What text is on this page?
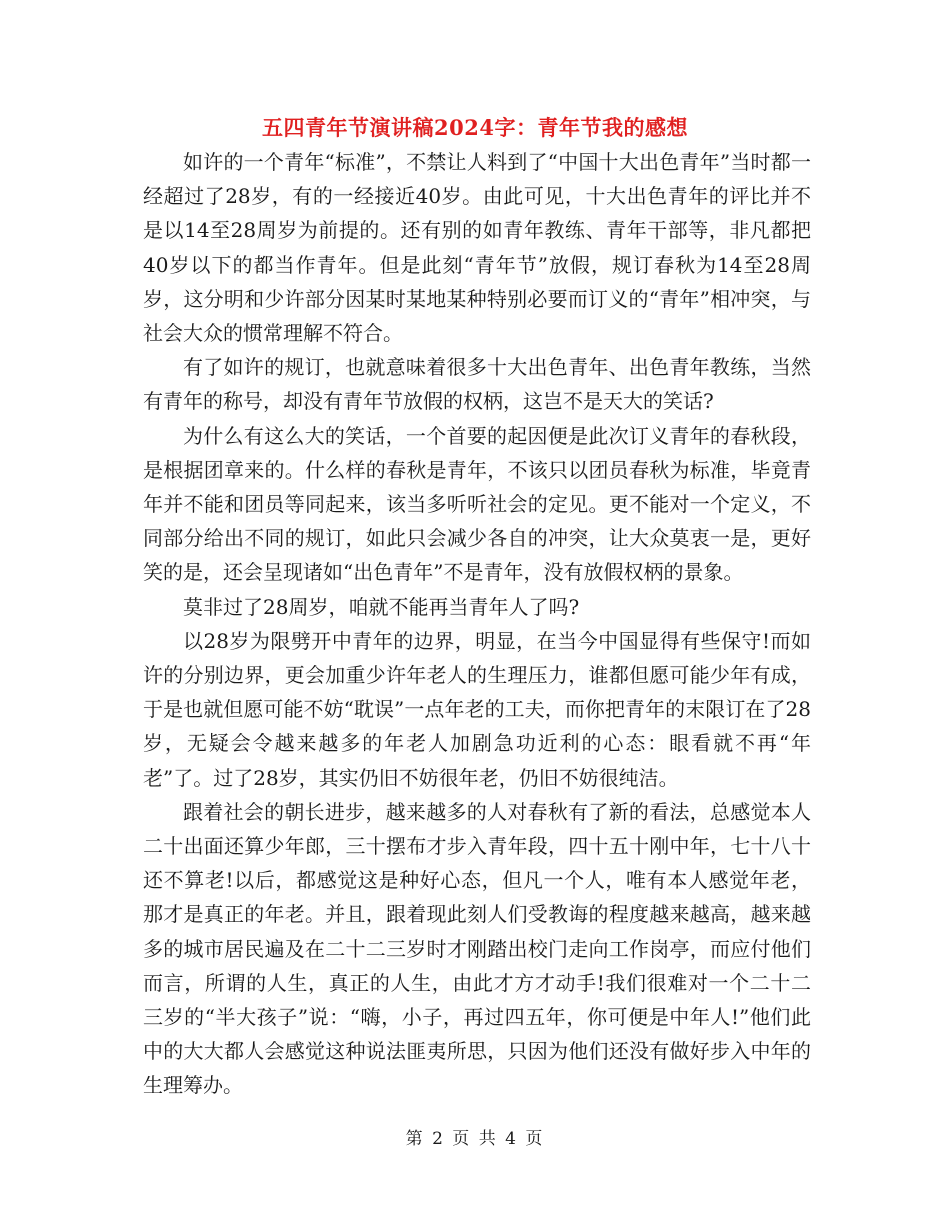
五四青年节演讲稿2024字：青年节我的感想

如许的一个青年“标准”，不禁让人料到了“中国十大出色青年”当时都一经超过了28岁，有的一经接近40岁。由此可见，十大出色青年的评比并不是以14至28周岁为前提的。还有别的如青年教练、青年干部等，非凡都把40岁以下的都当作青年。但是此刻“青年节”放假，规订春秋为14至28周岁，这分明和少许部分因某时某地某种特别必要而订义的“青年”相冲突，与社会大众的惯常理解不符合。

有了如许的规订，也就意味着很多十大出色青年、出色青年教练，当然有青年的称号，却没有青年节放假的权柄，这岂不是天大的笑话?

为什么有这么大的笑话，一个首要的起因便是此次订义青年的春秋段，是根据团章来的。什么样的春秋是青年，不该只以团员春秋为标准，毕竟青年并不能和团员等同起来，该当多听听社会的定见。更不能对一个定义，不同部分给出不同的规订，如此只会减少各自的冲突，让大众莫衷一是，更好笑的是，还会呈现诸如“出色青年”不是青年，没有放假权柄的景象。

莫非过了28周岁，咱就不能再当青年人了吗?

以28岁为限劈开中青年的边界，明显，在当今中国显得有些保守!而如许的分别边界，更会加重少许年老人的生理压力，谁都但愿可能少年有成，于是也就但愿可能不妨“耽误”一点年老的工夫，而你把青年的末限订在了28岁，无疑会令越来越多的年老人加剧急功近利的心态：眼看就不再“年老”了。过了28岁，其实仍旧不妨很年老，仍旧不妨很纯洁。

跟着社会的朝长进步，越来越多的人对春秋有了新的看法，总感觉本人二十出面还算少年郎，三十摆布才步入青年段，四十五十刚中年，七十八十还不算老!以后，都感觉这是种好心态，但凡一个人，唯有本人感觉年老，那才是真正的年老。并且，跟着现此刻人们受教诲的程度越来越高，越来越多的城市居民遍及在二十二三岁时才刚踏出校门走向工作岗亭，而应付他们而言，所谓的人生，真正的人生，由此才方才动手!我们很难对一个二十二三岁的“半大孩子”说：“嗨，小子，再过四五年，你可便是中年人!”他们此中的大大都人会感觉这种说法匪夷所思，只因为他们还没有做好步入中年的生理筹办。

第 2 页 共 4 页
